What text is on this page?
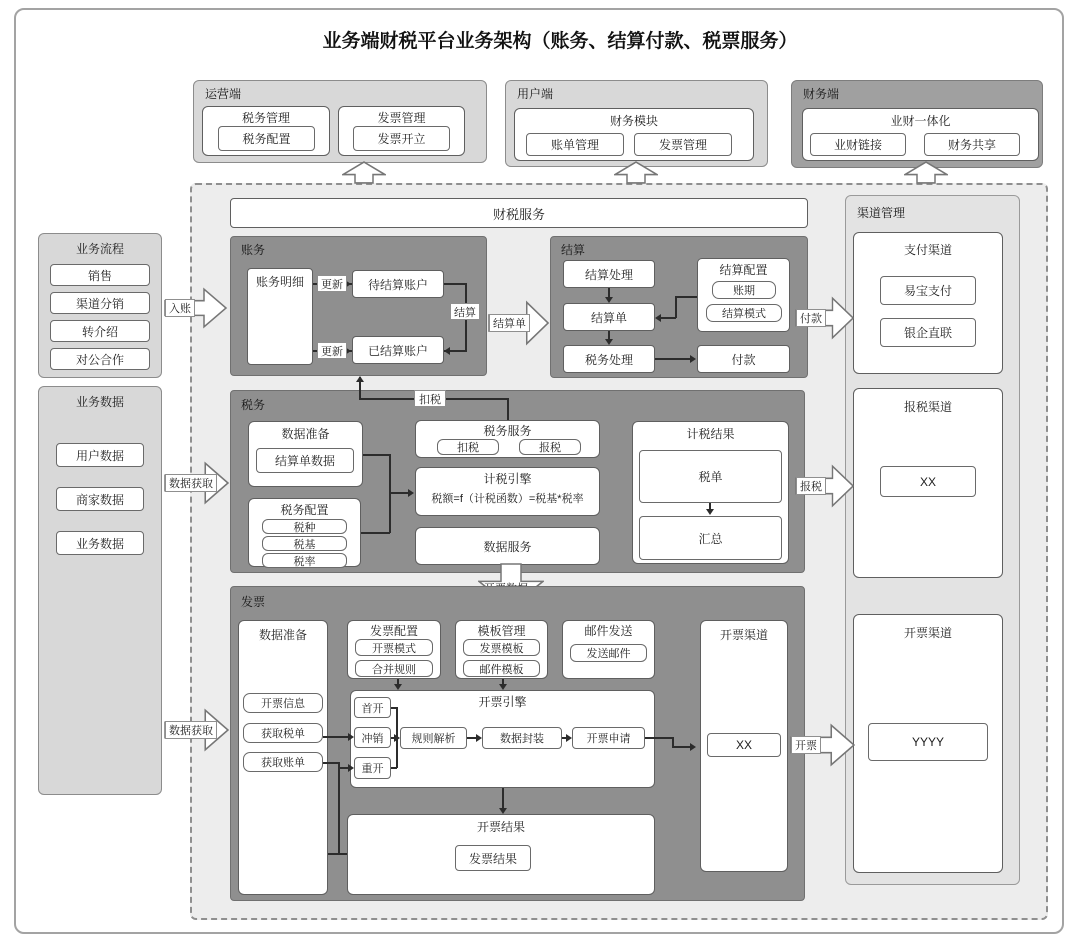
业务端财税平台业务架构（账务、结算付款、税票服务）
运营端
税务管理
税务配置
发票管理
发票开立
用户端
财务模块
账单管理	发票管理
财务端
业财一体化
业财链接	财务共享
业务流程
销售
渠道分销
转介绍
对公合作
业务数据
用户数据
商家数据
业务数据
入账
数据获取
数据获取
财税服务
账务
账务明细	待结算账户
已结算账户
更新
更新
结算
结算单
结算
结算处理
结算单
税务处理
结算配置
账期
结算模式
付款
税务	扣税
数据准备
结算单数据
税务配置
税种
税基
税率
税务服务
扣税	报税
计税引擎
税额=f（计税函数）=税基*税率
数据服务
计税结果
税单
汇总
发票
数据准备
开票信息
获取税单
获取账单
发票配置
开票模式
合并规则
模板管理
发票模板
邮件模板
邮件发送
发送邮件
开票渠道
XX
开票引擎
首开
冲销
重开
规则解析	数据封装	开票申请
开票结果
发票结果
渠道管理
支付渠道
易宝支付
银企直联
报税渠道
XX
开票渠道
YYYY
付款
报税
开票
